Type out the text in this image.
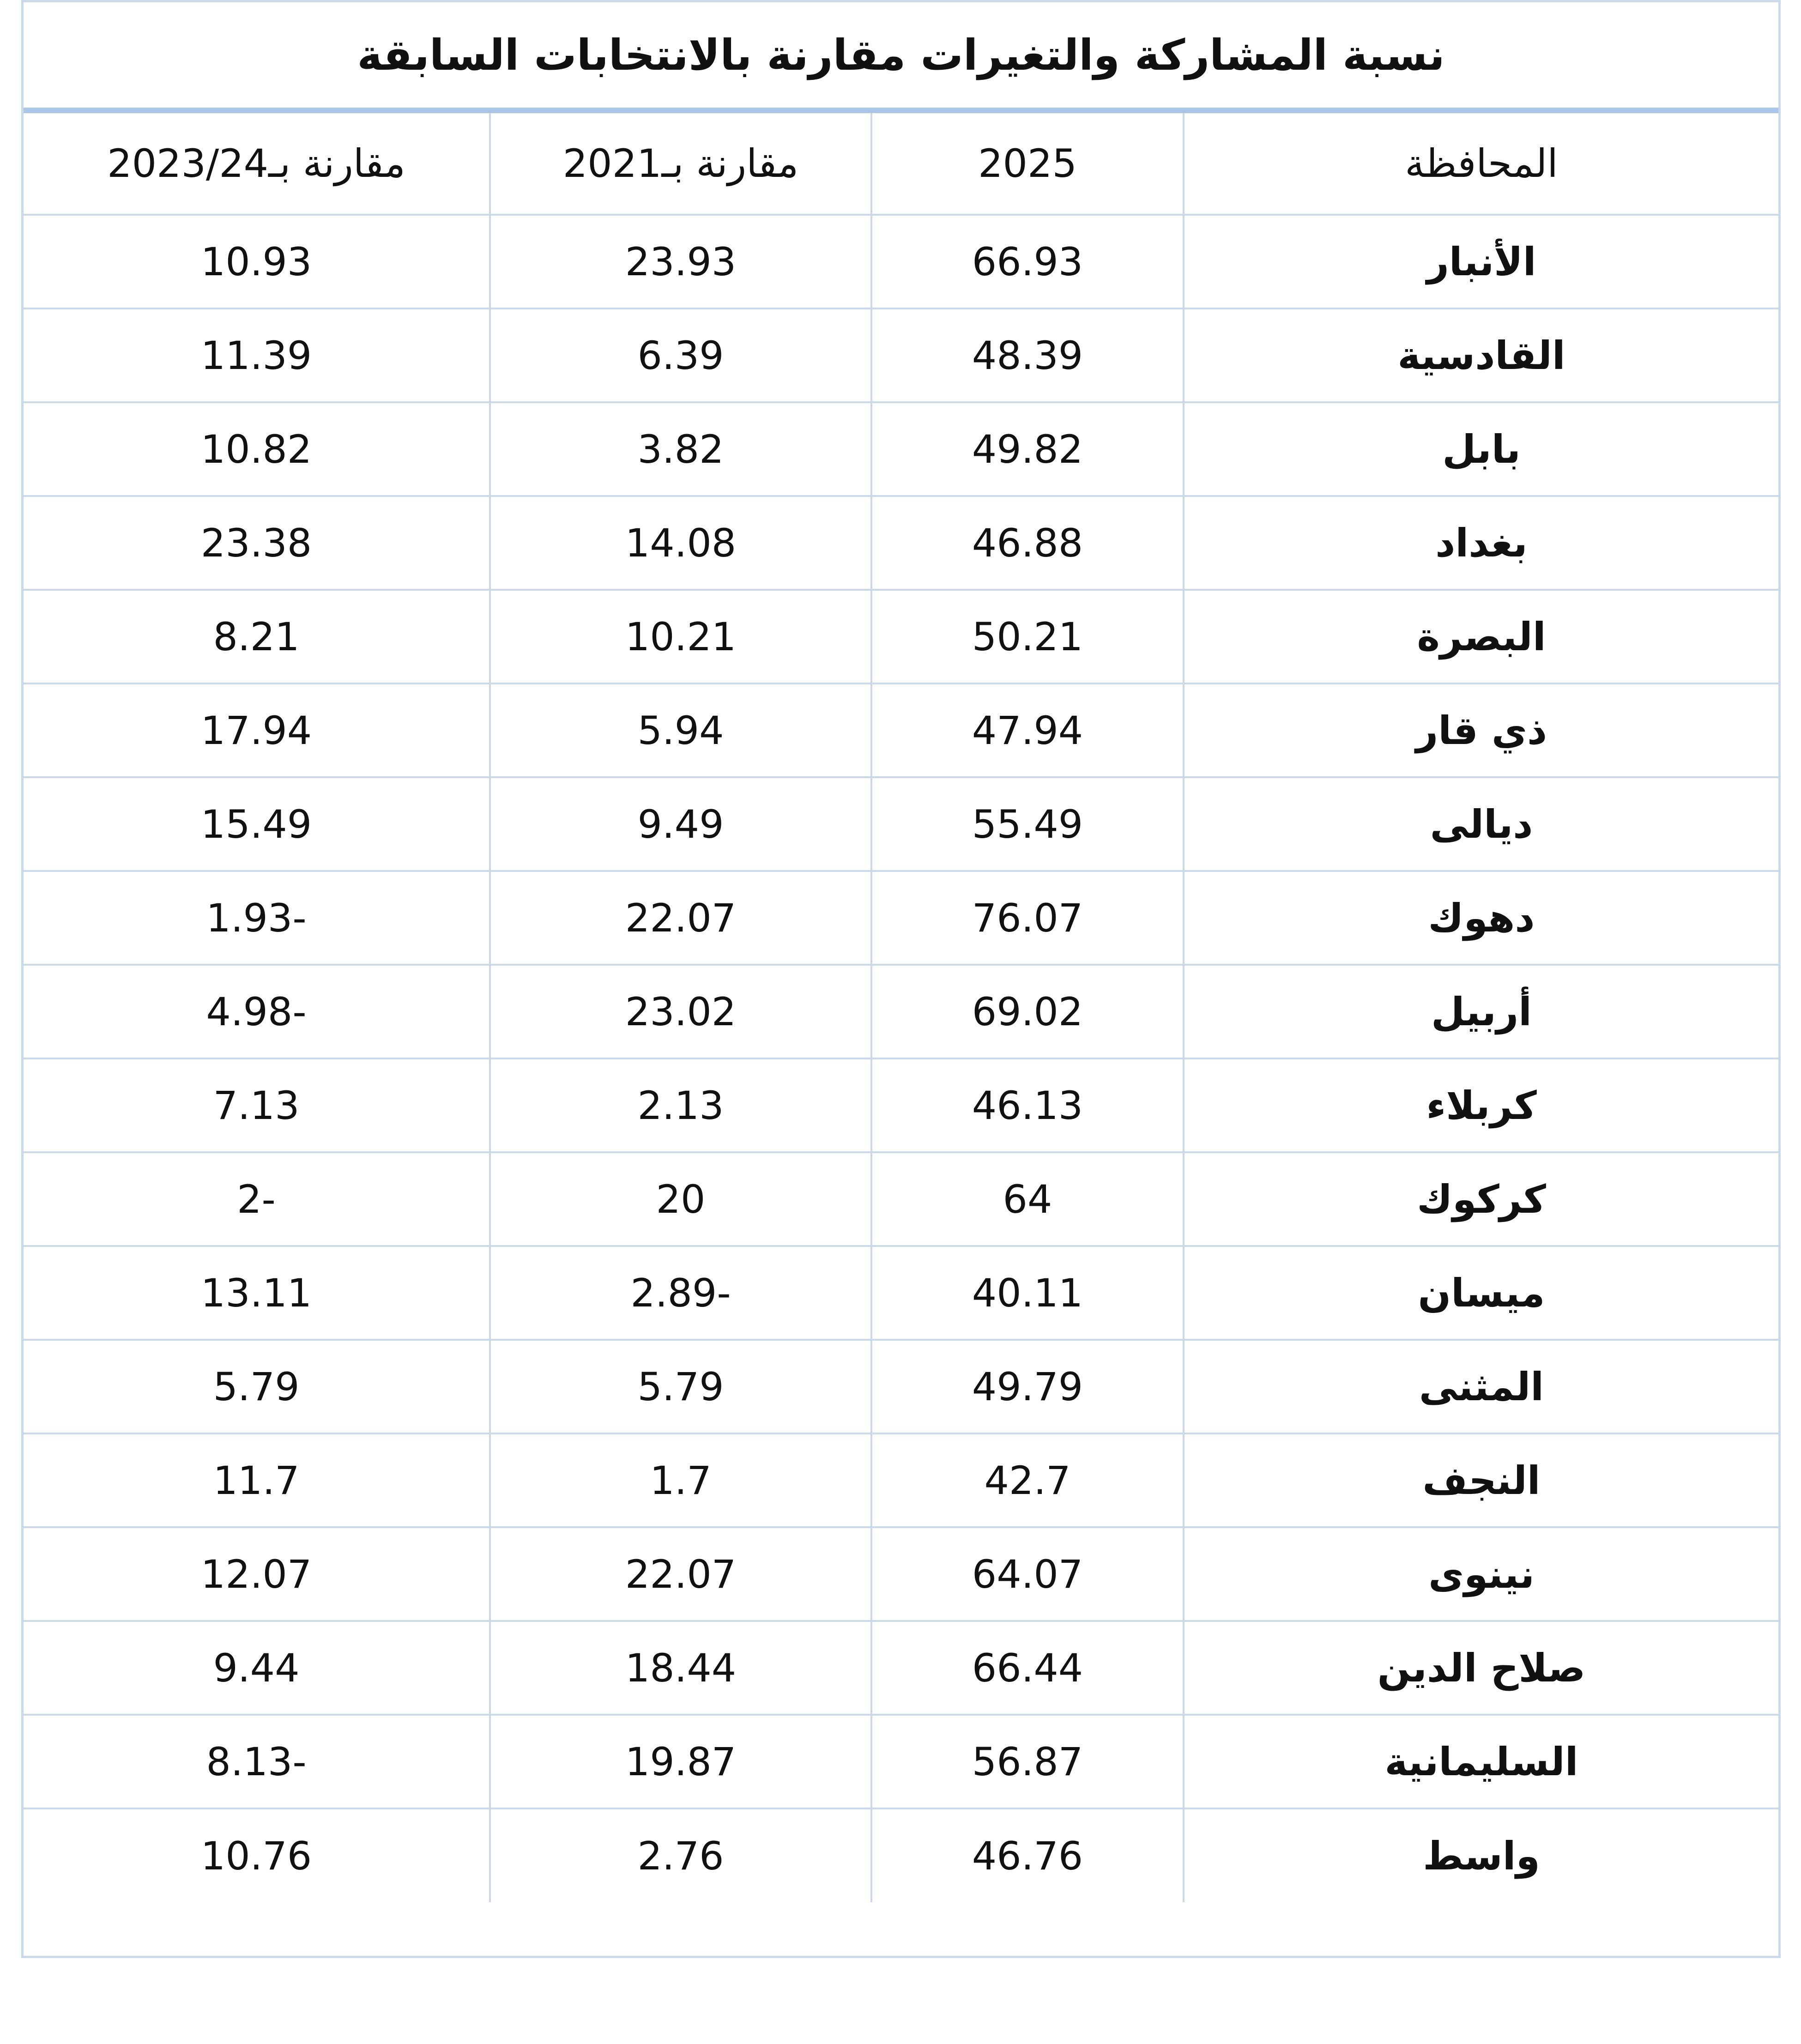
نسبة المشاركة والتغيرات مقارنة بالانتخابات السابقة
المحافظة	2025	مقارنة بـ2021	مقارنة بـ2023/24
الأنبار	66.93	23.93	10.93
القادسية	48.39	6.39	11.39
بابل	49.82	3.82	10.82
بغداد	46.88	14.08	23.38
البصرة	50.21	10.21	8.21
ذي قار	47.94	5.94	17.94
ديالى	55.49	9.49	15.49
دهوك	76.07	22.07	1.93-
أربيل	69.02	23.02	4.98-
كربلاء	46.13	2.13	7.13
كركوك	64	20	2-
ميسان	40.11	2.89-	13.11
المثنى	49.79	5.79	5.79
النجف	42.7	1.7	11.7
نينوى	64.07	22.07	12.07
صلاح الدين	66.44	18.44	9.44
السليمانية	56.87	19.87	8.13-
واسط	46.76	2.76	10.76
